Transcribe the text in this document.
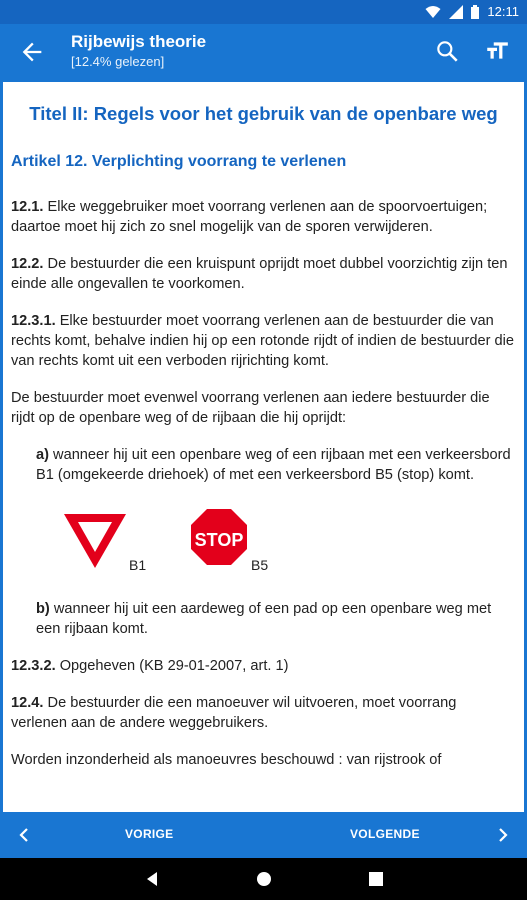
12:11
Rijbewijs theorie
[12.4% gelezen]
Titel II: Regels voor het gebruik van de openbare weg
Artikel 12. Verplichting voorrang te verlenen

12.1. Elke weggebruiker moet voorrang verlenen aan de spoorvoertuigen; daartoe moet hij zich zo snel mogelijk van de sporen verwijderen.

12.2. De bestuurder die een kruispunt oprijdt moet dubbel voorzichtig zijn ten einde alle ongevallen te voorkomen.

12.3.1. Elke bestuurder moet voorrang verlenen aan de bestuurder die van rechts komt, behalve indien hij op een rotonde rijdt of indien de bestuurder die van rechts komt uit een verboden rijrichting komt.

De bestuurder moet evenwel voorrang verlenen aan iedere bestuurder die rijdt op de openbare weg of de rijbaan die hij oprijdt:

a) wanneer hij uit een openbare weg of een rijbaan met een verkeersbord B1 (omgekeerde driehoek) of met een verkeersbord B5 (stop) komt.

B1
STOP
B5

b) wanneer hij uit een aardeweg of een pad op een openbare weg met een rijbaan komt.

12.3.2. Opgeheven (KB 29-01-2007, art. 1)

12.4. De bestuurder die een manoeuver wil uitvoeren, moet voorrang verlenen aan de andere weggebruikers.

Worden inzonderheid als manoeuvres beschouwd : van rijstrook of

VORIGE	VOLGENDE
